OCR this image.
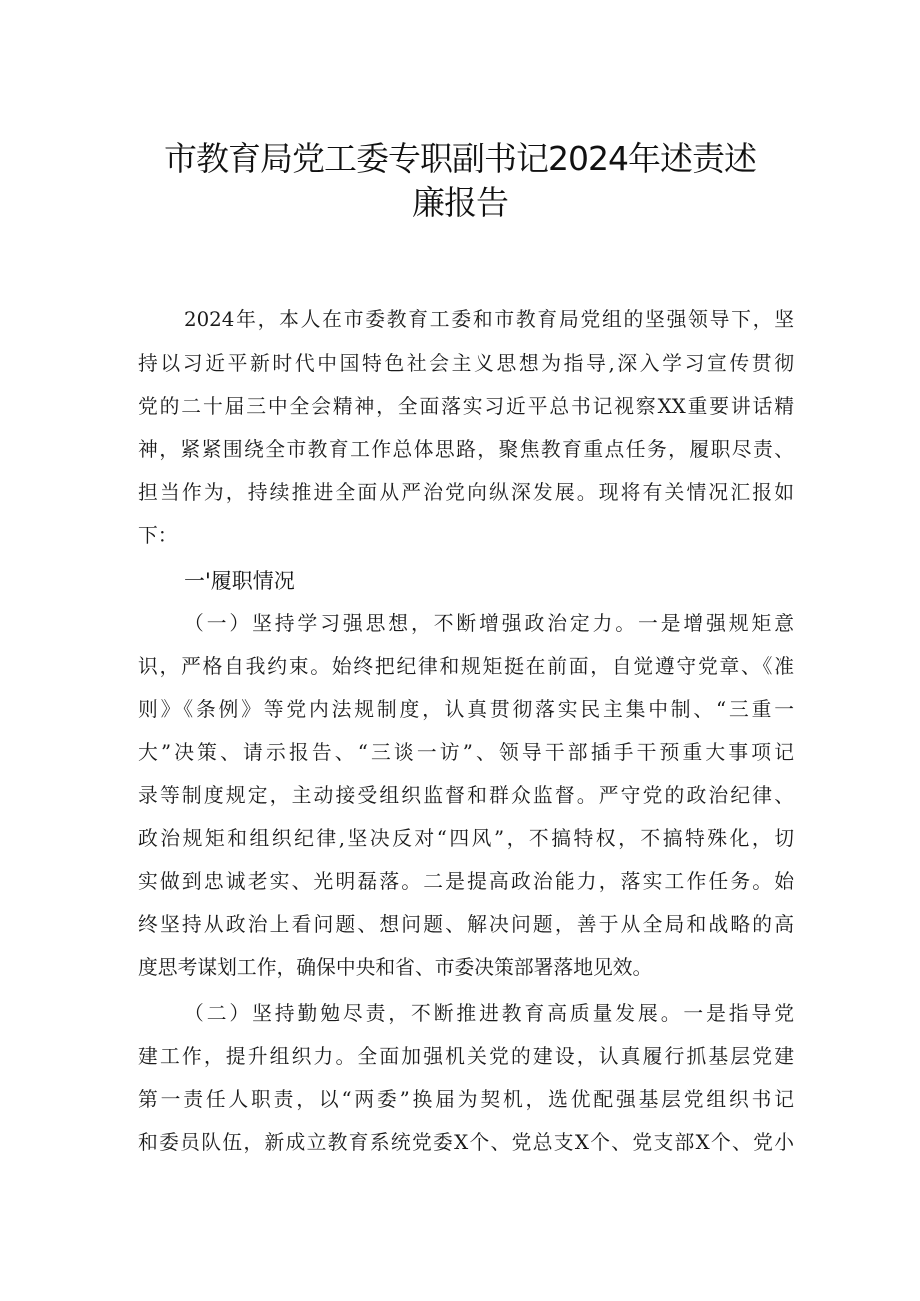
市教育局党工委专职副书记2024年述责述
廉报告
2024年，本人在市委教育工委和市教育局党组的坚强领导下，坚
持以习近平新时代中国特色社会主义思想为指导,深入学习宣传贯彻
党的二十届三中全会精神，全面落实习近平总书记视察XX重要讲话精
神，紧紧围绕全市教育工作总体思路，聚焦教育重点任务，履职尽责、
担当作为，持续推进全面从严治党向纵深发展。现将有关情况汇报如
下：
一'履职情况
（一）坚持学习强思想，不断增强政治定力。一是增强规矩意
识，严格自我约束。始终把纪律和规矩挺在前面，自觉遵守党章、《准
则》《条例》等党内法规制度，认真贯彻落实民主集中制、“三重一
大”决策、请示报告、“三谈一访”、领导干部插手干预重大事项记
录等制度规定，主动接受组织监督和群众监督。严守党的政治纪律、
政治规矩和组织纪律,坚决反对“四风”，不搞特权，不搞特殊化，切
实做到忠诚老实、光明磊落。二是提高政治能力，落实工作任务。始
终坚持从政治上看问题、想问题、解决问题，善于从全局和战略的高
度思考谋划工作，确保中央和省、市委决策部署落地见效。
（二）坚持勤勉尽责，不断推进教育高质量发展。一是指导党
建工作，提升组织力。全面加强机关党的建设，认真履行抓基层党建
第一责任人职责，以“两委”换届为契机，选优配强基层党组织书记
和委员队伍，新成立教育系统党委X个、党总支X个、党支部X个、党小
